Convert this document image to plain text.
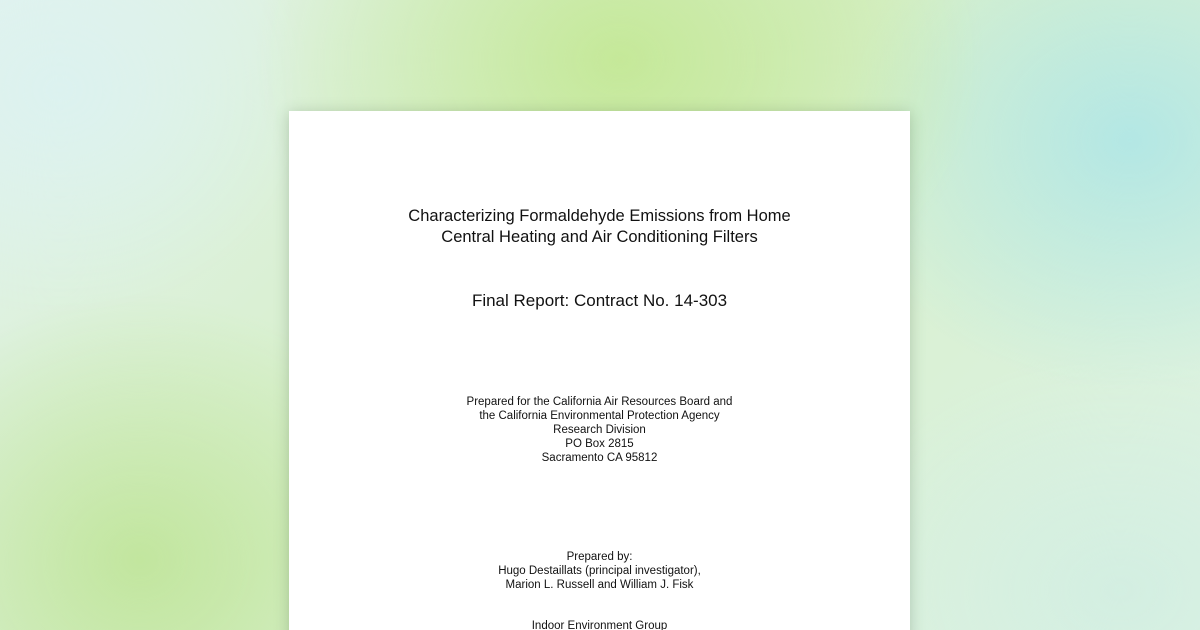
Characterizing Formaldehyde Emissions from Home
Central Heating and Air Conditioning Filters
Final Report: Contract No. 14-303
Prepared for the California Air Resources Board and
the California Environmental Protection Agency
Research Division
PO Box 2815
Sacramento CA 95812
Prepared by:
Hugo Destaillats (principal investigator),
Marion L. Russell and William J. Fisk
Indoor Environment Group
